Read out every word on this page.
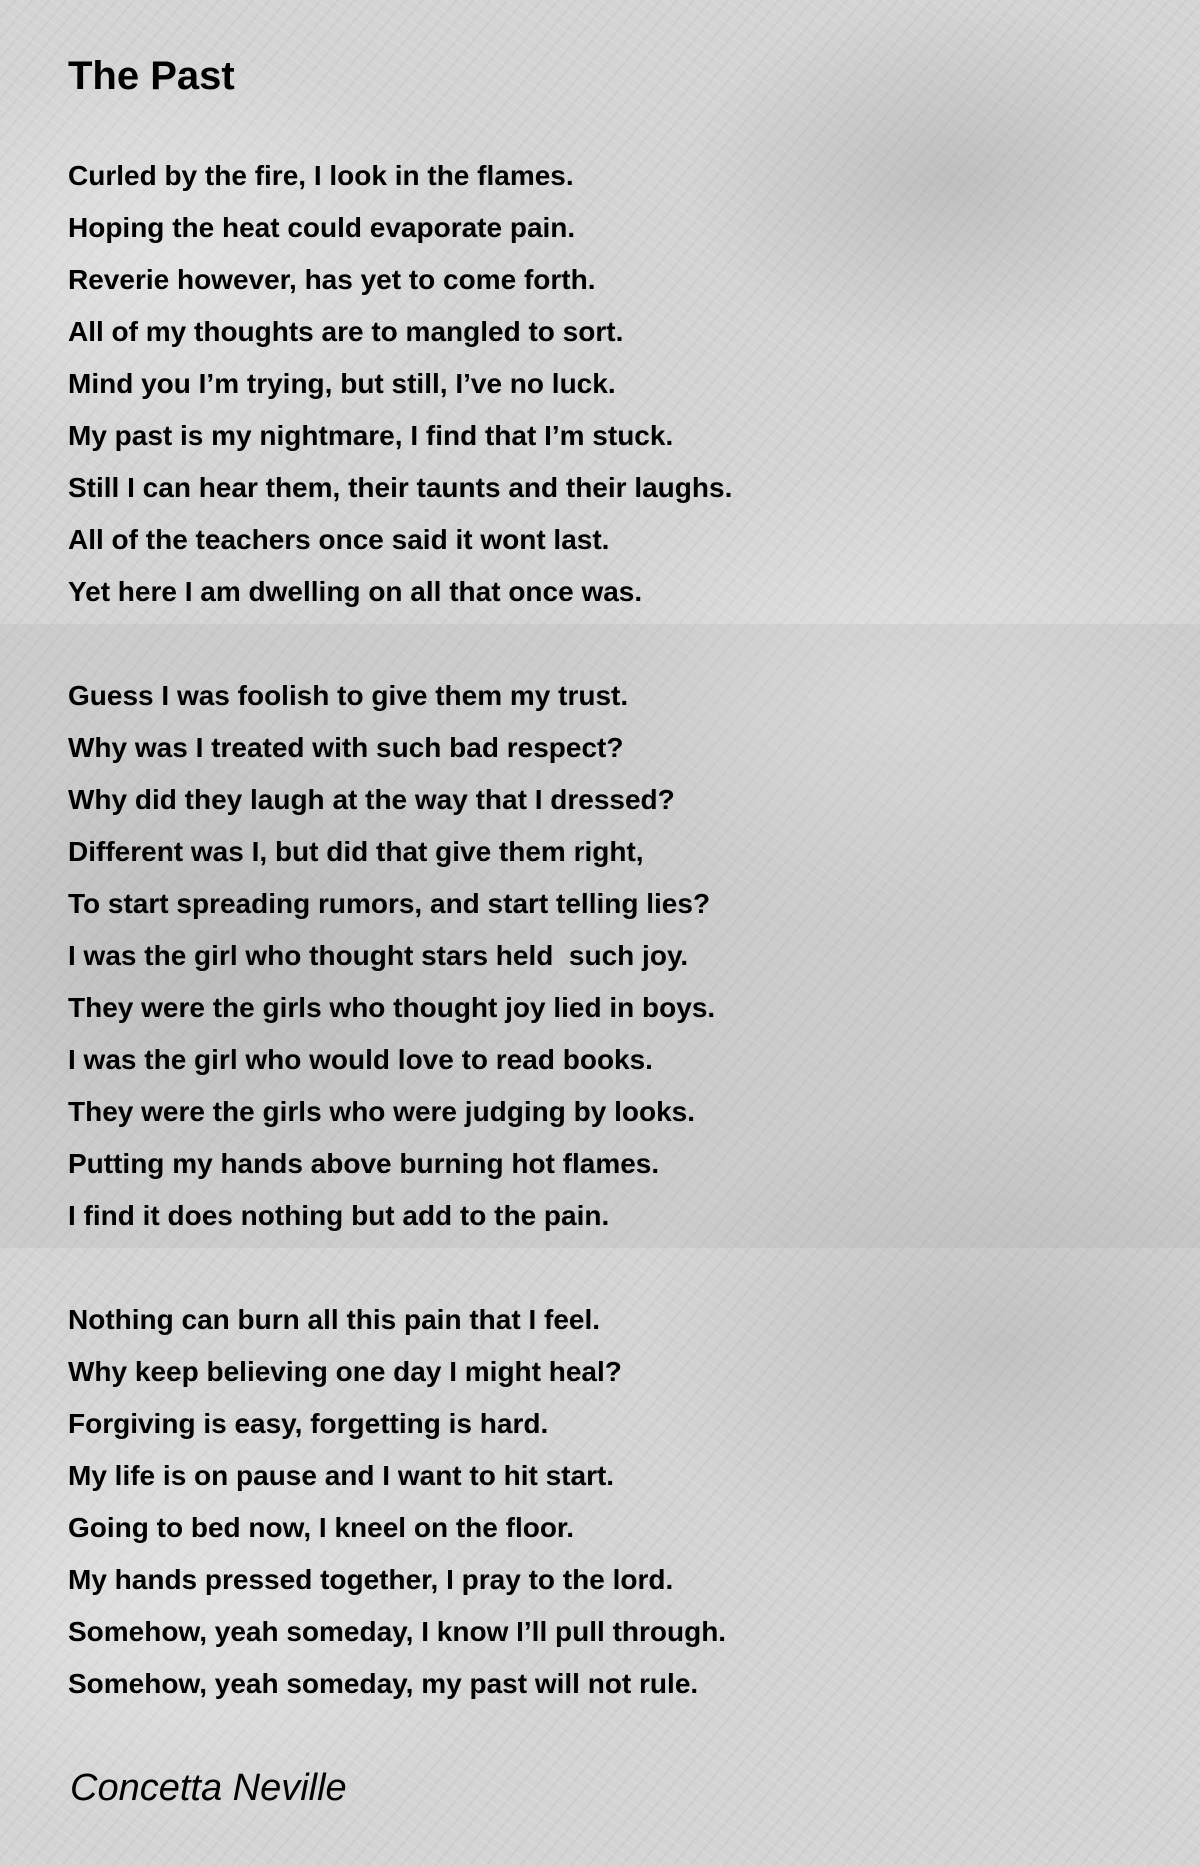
The Past
Curled by the fire, I look in the flames.
Hoping the heat could evaporate pain.
Reverie however, has yet to come forth.
All of my thoughts are to mangled to sort.
Mind you I’m trying, but still, I’ve no luck.
My past is my nightmare, I find that I’m stuck.
Still I can hear them, their taunts and their laughs.
All of the teachers once said it wont last.
Yet here I am dwelling on all that once was.
Guess I was foolish to give them my trust.
Why was I treated with such bad respect?
Why did they laugh at the way that I dressed?
Different was I, but did that give them right,
To start spreading rumors, and start telling lies?
I was the girl who thought stars held  such joy.
They were the girls who thought joy lied in boys.
I was the girl who would love to read books.
They were the girls who were judging by looks.
Putting my hands above burning hot flames.
I find it does nothing but add to the pain.
Nothing can burn all this pain that I feel.
Why keep believing one day I might heal?
Forgiving is easy, forgetting is hard.
My life is on pause and I want to hit start.
Going to bed now, I kneel on the floor.
My hands pressed together, I pray to the lord.
Somehow, yeah someday, I know I’ll pull through.
Somehow, yeah someday, my past will not rule.

Concetta Neville
